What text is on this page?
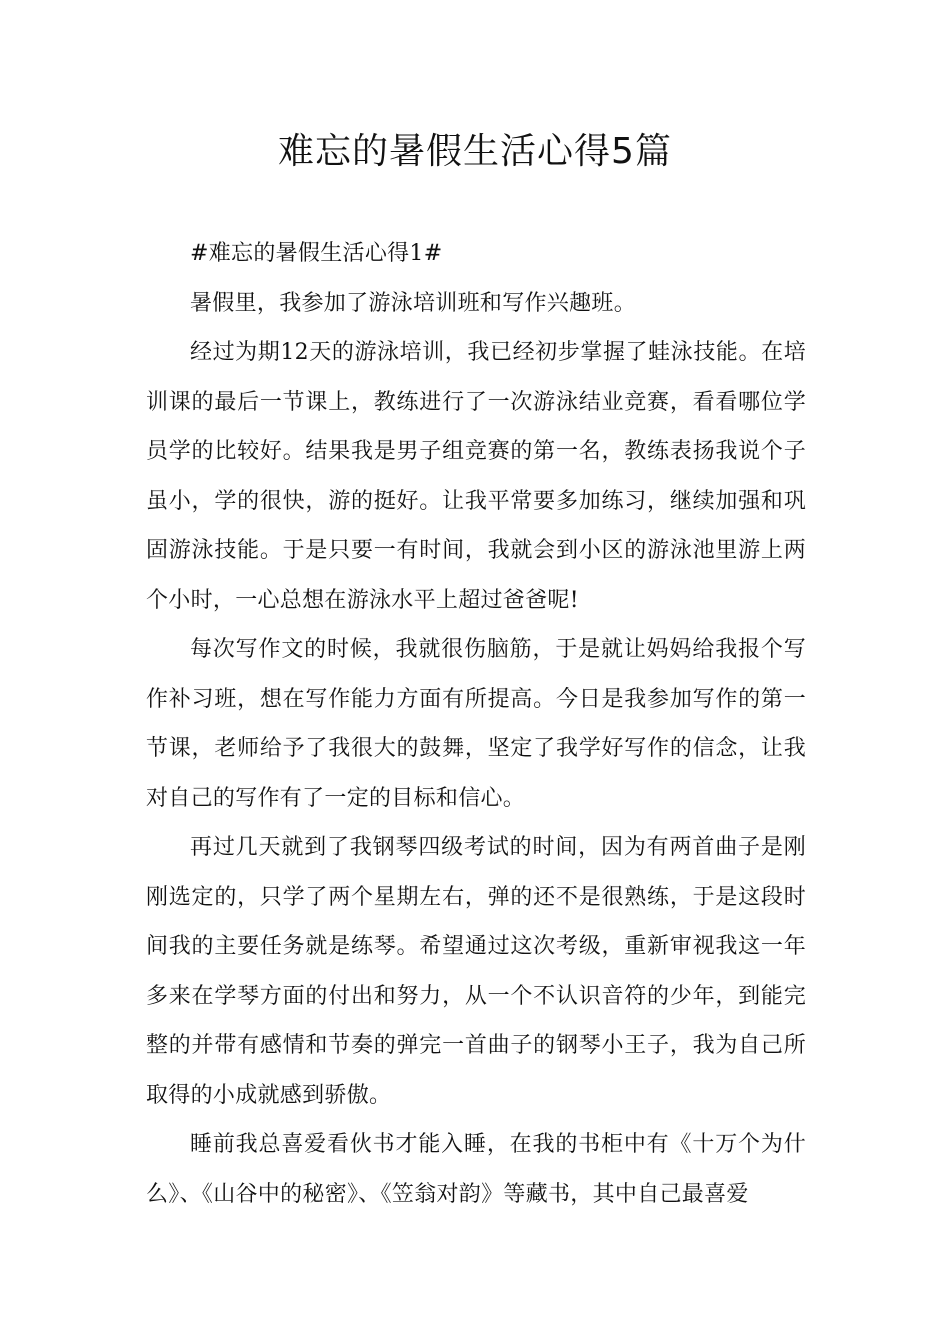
难忘的暑假生活心得5篇

#难忘的暑假生活心得1#

暑假里，我参加了游泳培训班和写作兴趣班。

经过为期12天的游泳培训，我已经初步掌握了蛙泳技能。在培训课的最后一节课上，教练进行了一次游泳结业竞赛，看看哪位学员学的比较好。结果我是男子组竞赛的第一名，教练表扬我说个子虽小，学的很快，游的挺好。让我平常要多加练习，继续加强和巩固游泳技能。于是只要一有时间，我就会到小区的游泳池里游上两个小时，一心总想在游泳水平上超过爸爸呢!

每次写作文的时候，我就很伤脑筋，于是就让妈妈给我报个写作补习班，想在写作能力方面有所提高。今日是我参加写作的第一节课，老师给予了我很大的鼓舞，坚定了我学好写作的信念，让我对自己的写作有了一定的目标和信心。

再过几天就到了我钢琴四级考试的时间，因为有两首曲子是刚刚选定的，只学了两个星期左右，弹的还不是很熟练，于是这段时间我的主要任务就是练琴。希望通过这次考级，重新审视我这一年多来在学琴方面的付出和努力，从一个不认识音符的少年，到能完整的并带有感情和节奏的弹完一首曲子的钢琴小王子，我为自己所取得的小成就感到骄傲。

睡前我总喜爱看伙书才能入睡，在我的书柜中有《十万个为什么》、《山谷中的秘密》、《笠翁对韵》等藏书，其中自己最喜爱
